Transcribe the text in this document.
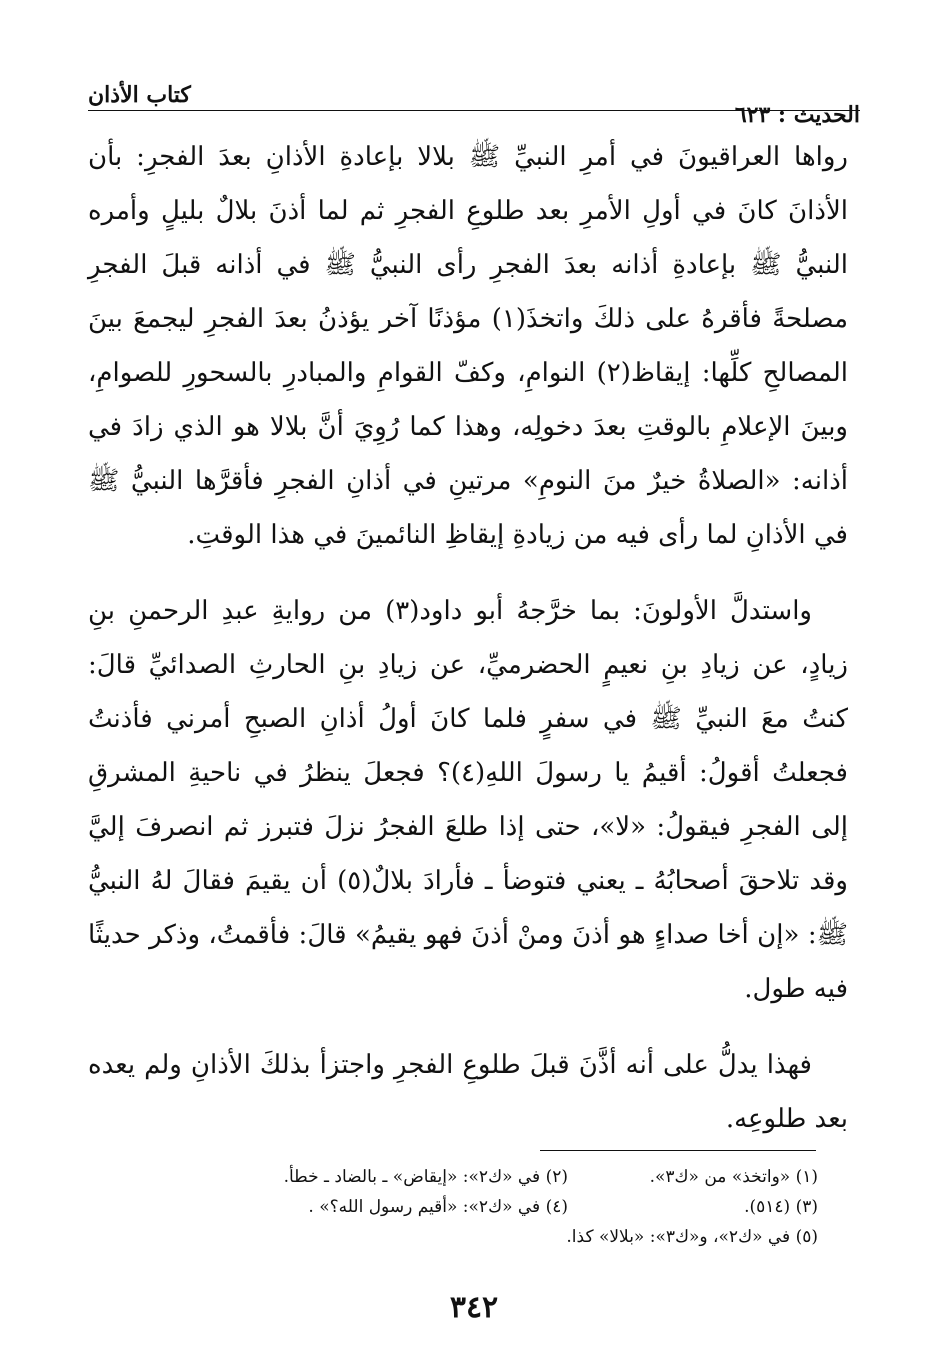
الحديث : ٦٢٣
كتاب الأذان

رواها العراقيونَ في أمرِ النبيِّ ﷺ بلالا بإعادةِ الأذانِ بعدَ الفجرِ: بأن الأذانَ كانَ في أولِ الأمرِ بعد طلوعِ الفجرِ ثم لما أذنَ بلالٌ بليلٍ وأمره النبيُّ ﷺ بإعادةِ أذانه بعدَ الفجرِ رأى النبيُّ ﷺ في أذانه قبلَ الفجرِ مصلحةً فأقرهُ على ذلكَ واتخذَ(١) مؤذنًا آخر يؤذنُ بعدَ الفجرِ ليجمعَ بينَ المصالحِ كلِّها: إيقاظ(٢) النوامِ، وكفّ القوامِ والمبادرِ بالسحورِ للصوامِ، وبينَ الإعلامِ بالوقتِ بعدَ دخولِه، وهذا كما رُوِيَ أنَّ بلالا هو الذي زادَ في أذانه: «الصلاةُ خيرٌ منَ النومِ» مرتينِ في أذانِ الفجرِ فأقرَّها النبيُّ ﷺ في الأذانِ لما رأى فيه من زيادةِ إيقاظِ النائمينَ في هذا الوقتِ.

واستدلَّ الأولونَ: بما خرَّجهُ أبو داود(٣) من روايةِ عبدِ الرحمنِ بنِ زيادٍ، عن زيادِ بنِ نعيمٍ الحضرميِّ، عن زيادِ بنِ الحارثِ الصدائيِّ قالَ: كنتُ معَ النبيِّ ﷺ في سفرٍ فلما كانَ أولُ أذانِ الصبحِ أمرني فأذنتُ فجعلتُ أقولُ: أقيمُ يا رسولَ اللهِ(٤)؟ فجعلَ ينظرُ في ناحيةِ المشرقِ إلى الفجرِ فيقولُ: «لا»، حتى إذا طلعَ الفجرُ نزلَ فتبرز ثم انصرفَ إليَّ وقد تلاحقَ أصحابُهُ ـ يعني فتوضأ ـ فأرادَ بلالٌ(٥) أن يقيمَ فقالَ لهُ النبيُّ ﷺ: «إن أخا صداءٍ هو أذنَ ومنْ أذنَ فهو يقيمُ» قالَ: فأقمتُ، وذكر حديثًا فيه طول.

فهذا يدلُّ على أنه أذَّنَ قبلَ طلوعِ الفجرِ واجتزأ بذلكَ الأذانِ ولم يعده بعد طلوعِه.

(١) «واتخذ» من «ك٣».
(٢) في «ك٢»: «إيقاض» ـ بالضاد ـ خطأ.
(٣) (٥١٤).
(٤) في «ك٢»: «أقيم رسول الله؟» .
(٥) في «ك٢»، و«ك٣»: «بلالا» كذا.
٣٤٢
